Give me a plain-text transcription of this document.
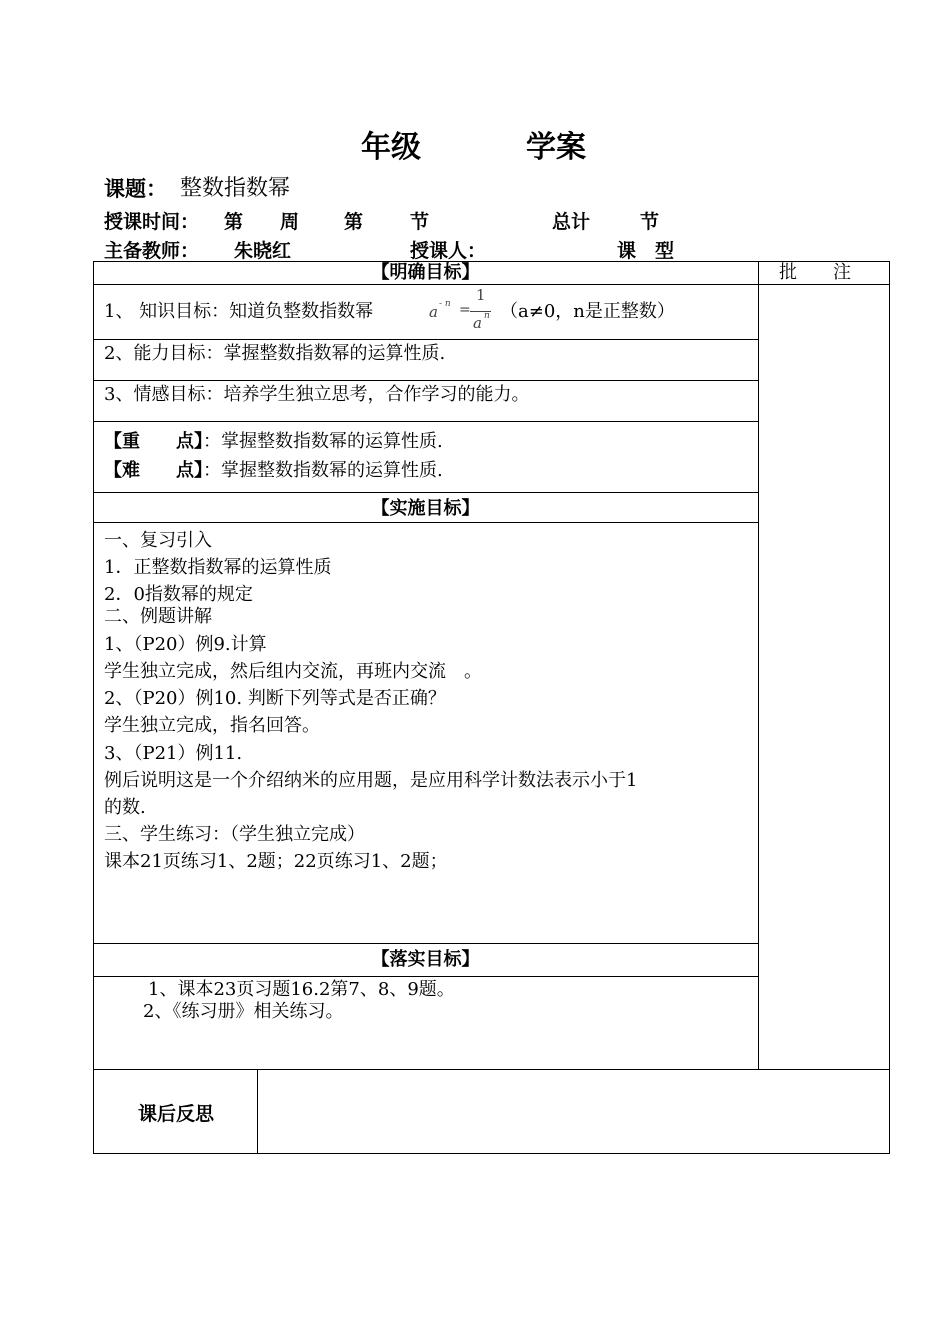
年级	学案
课题： 整数指数幂
授课时间： 第 周 第 节	总计	节
主备教师： 朱晓红	授课人：	课　型
批　　注
【明确目标】
1、 知识目标：知道负整数指数幂	a - n =
1
a n （a≠0，n是正整数）
2、能力目标：掌握整数指数幂的运算性质.
3、情感目标：培养学生独立思考，合作学习的能力。
【重　　点】：掌握整数指数幂的运算性质.
【难　　点】：掌握整数指数幂的运算性质.
【实施目标】
一、复习引入
1．正整数指数幂的运算性质
2．0指数幂的规定
二、例题讲解
1、（P20）例9.计算
学生独立完成，然后组内交流，再班内交流　。
2、（P20）例10. 判断下列等式是否正确？
学生独立完成，指名回答。
3、（P21）例11.
例后说明这是一个介绍纳米的应用题，是应用科学计数法表示小于1
的数.
三、学生练习：（学生独立完成）
课本21页练习1、2题；22页练习1、2题；
【落实目标】
1、课本23页习题16.2第7、8、9题。
2、《练习册》相关练习。
课后反思
